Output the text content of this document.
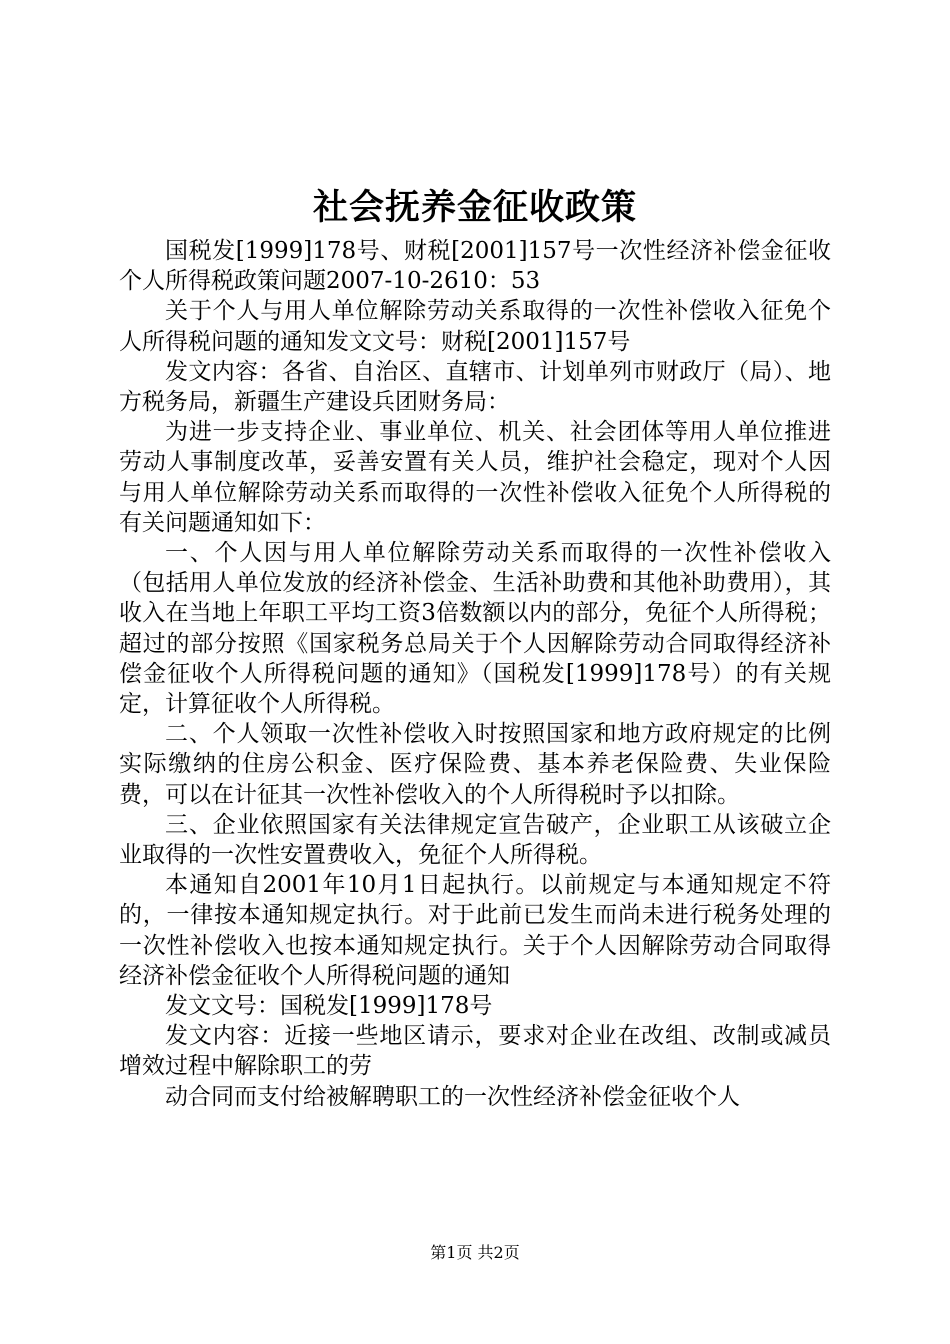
社会抚养金征收政策

国税发[1999]178号、财税[2001]157号一次性经济补偿金征收个人所得税政策问题2007-10-2610：53

关于个人与用人单位解除劳动关系取得的一次性补偿收入征免个人所得税问题的通知发文文号：财税[2001]157号

发文内容：各省、自治区、直辖市、计划单列市财政厅（局）、地方税务局，新疆生产建设兵团财务局：

为进一步支持企业、事业单位、机关、社会团体等用人单位推进劳动人事制度改革，妥善安置有关人员，维护社会稳定，现对个人因与用人单位解除劳动关系而取得的一次性补偿收入征免个人所得税的有关问题通知如下：

一、个人因与用人单位解除劳动关系而取得的一次性补偿收入（包括用人单位发放的经济补偿金、生活补助费和其他补助费用），其收入在当地上年职工平均工资3倍数额以内的部分，免征个人所得税；超过的部分按照《国家税务总局关于个人因解除劳动合同取得经济补偿金征收个人所得税问题的通知》（国税发[1999]178号）的有关规定，计算征收个人所得税。

二、个人领取一次性补偿收入时按照国家和地方政府规定的比例实际缴纳的住房公积金、医疗保险费、基本养老保险费、失业保险费，可以在计征其一次性补偿收入的个人所得税时予以扣除。

三、企业依照国家有关法律规定宣告破产，企业职工从该破立企业取得的一次性安置费收入，免征个人所得税。

本通知自2001年10月1日起执行。以前规定与本通知规定不符的，一律按本通知规定执行。对于此前已发生而尚未进行税务处理的一次性补偿收入也按本通知规定执行。关于个人因解除劳动合同取得经济补偿金征收个人所得税问题的通知

发文文号：国税发[1999]178号

发文内容：近接一些地区请示，要求对企业在改组、改制或减员增效过程中解除职工的劳

动合同而支付给被解聘职工的一次性经济补偿金征收个人

第1页 共2页
